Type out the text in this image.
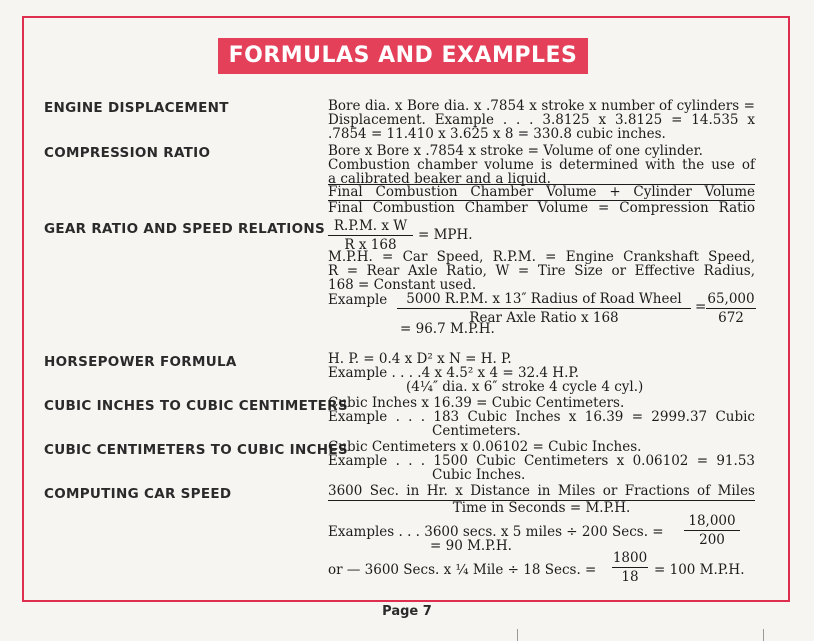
FORMULAS AND EXAMPLES
ENGINE DISPLACEMENT	Bore dia. x Bore dia. x .7854 x stroke x number of cylinders =
Displacement. Example . . . 3.8125 x 3.8125 = 14.535 x
.7854 = 11.410 x 3.625 x 8 = 330.8 cubic inches.
COMPRESSION RATIO	Bore x Bore x .7854 x stroke = Volume of one cylinder.
Combustion chamber volume is determined with the use of
a calibrated beaker and a liquid.
Final Combustion Chamber Volume + Cylinder Volume
Final Combustion Chamber Volume = Compression Ratio
GEAR RATIO AND SPEED RELATIONS $\frac{\text{R.P.M. x W}}{\text{R x 168}}$ = MPH.
M.P.H. = Car Speed, R.P.M. = Engine Crankshaft Speed,
R = Rear Axle Ratio, W = Tire Size or Effective Radius,
168 = Constant used.
Example	5000 R.P.M. x 13″ Radius of Road Wheel
Rear Axle Ratio x 168
= $\frac{65,000}{672}$
= 96.7 M.P.H.
HORSEPOWER FORMULA	H. P. = 0.4 x D² x N = H. P.
Example . . . .4 x 4.5² x 4 = 32.4 H.P.
(4¼″ dia. x 6″ stroke 4 cycle 4 cyl.)
CUBIC INCHES TO CUBIC CENTIMETERS
Cubic Inches x 16.39 = Cubic Centimeters.
Example . . . 183 Cubic Inches x 16.39 = 2999.37 Cubic
Centimeters.
CUBIC CENTIMETERS TO CUBIC INCHES
Cubic Centimeters x 0.06102 = Cubic Inches.
Example . . . 1500 Cubic Centimeters x 0.06102 = 91.53
Cubic Inches.
COMPUTING CAR SPEED	3600 Sec. in Hr. x Distance in Miles or Fractions of Miles
Time in Seconds = M.P.H.
Examples . . . 3600 secs. x 5 miles ÷ 200 Secs. = $\frac{18,000}{200}$
= 90 M.P.H.
or — 3600 Secs. x ¼ Mile ÷ 18 Secs. = $\frac{1800}{18} = 100$ M.P.H.
Page 7
